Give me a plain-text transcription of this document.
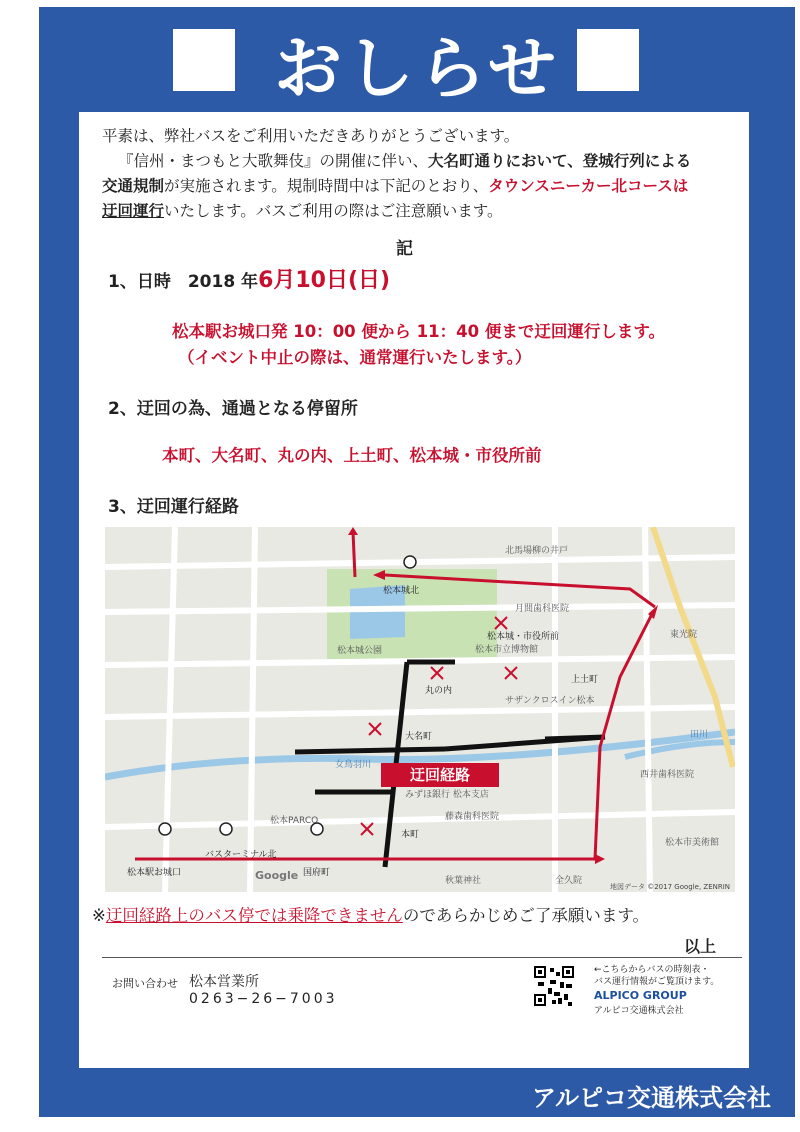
おしらせ
平素は、弊社バスをご利用いただきありがとうございます。
『信州・まつもと大歌舞伎』の開催に伴い、大名町通りにおいて、登城行列による
交通規制が実施されます。規制時間中は下記のとおり、タウンスニーカー北コースは
迂回運行いたします。バスご利用の際はご注意願います。
記
1、日時　2018 年6月10日(日)
松本駅お城口発 10：00 便から 11：40 便まで迂回運行します。
（イベント中止の際は、通常運行いたします。）
2、迂回の為、通過となる停留所
本町、大名町、丸の内、上土町、松本城・市役所前
3、迂回運行経路
迂回経路
松本城北
松本城・市役所前
丸の内
上土町
大名町
本町
松本駅お城口
バスターミナル北
国府町
北馬場柳の井戸
松本市立博物館
松本城公園
サザンクロスイン松本
みずほ銀行 松本支店
藤森歯科医院
松本PARCO
秋葉神社	全久院
女鳥羽川
田川
月間歯科医院
東光院
西井歯科医院
松本市美術館
Google
地図データ ©2017 Google, ZENRIN
※迂回経路上のバス停では乗降できませんのであらかじめご了承願います。
以上
お問い合わせ 松本営業所
0263−26−7003
←こちらからバスの時刻表・
バス運行情報がご覧頂けます。
ALPICO GROUP
アルピコ交通株式会社
アルピコ交通株式会社
